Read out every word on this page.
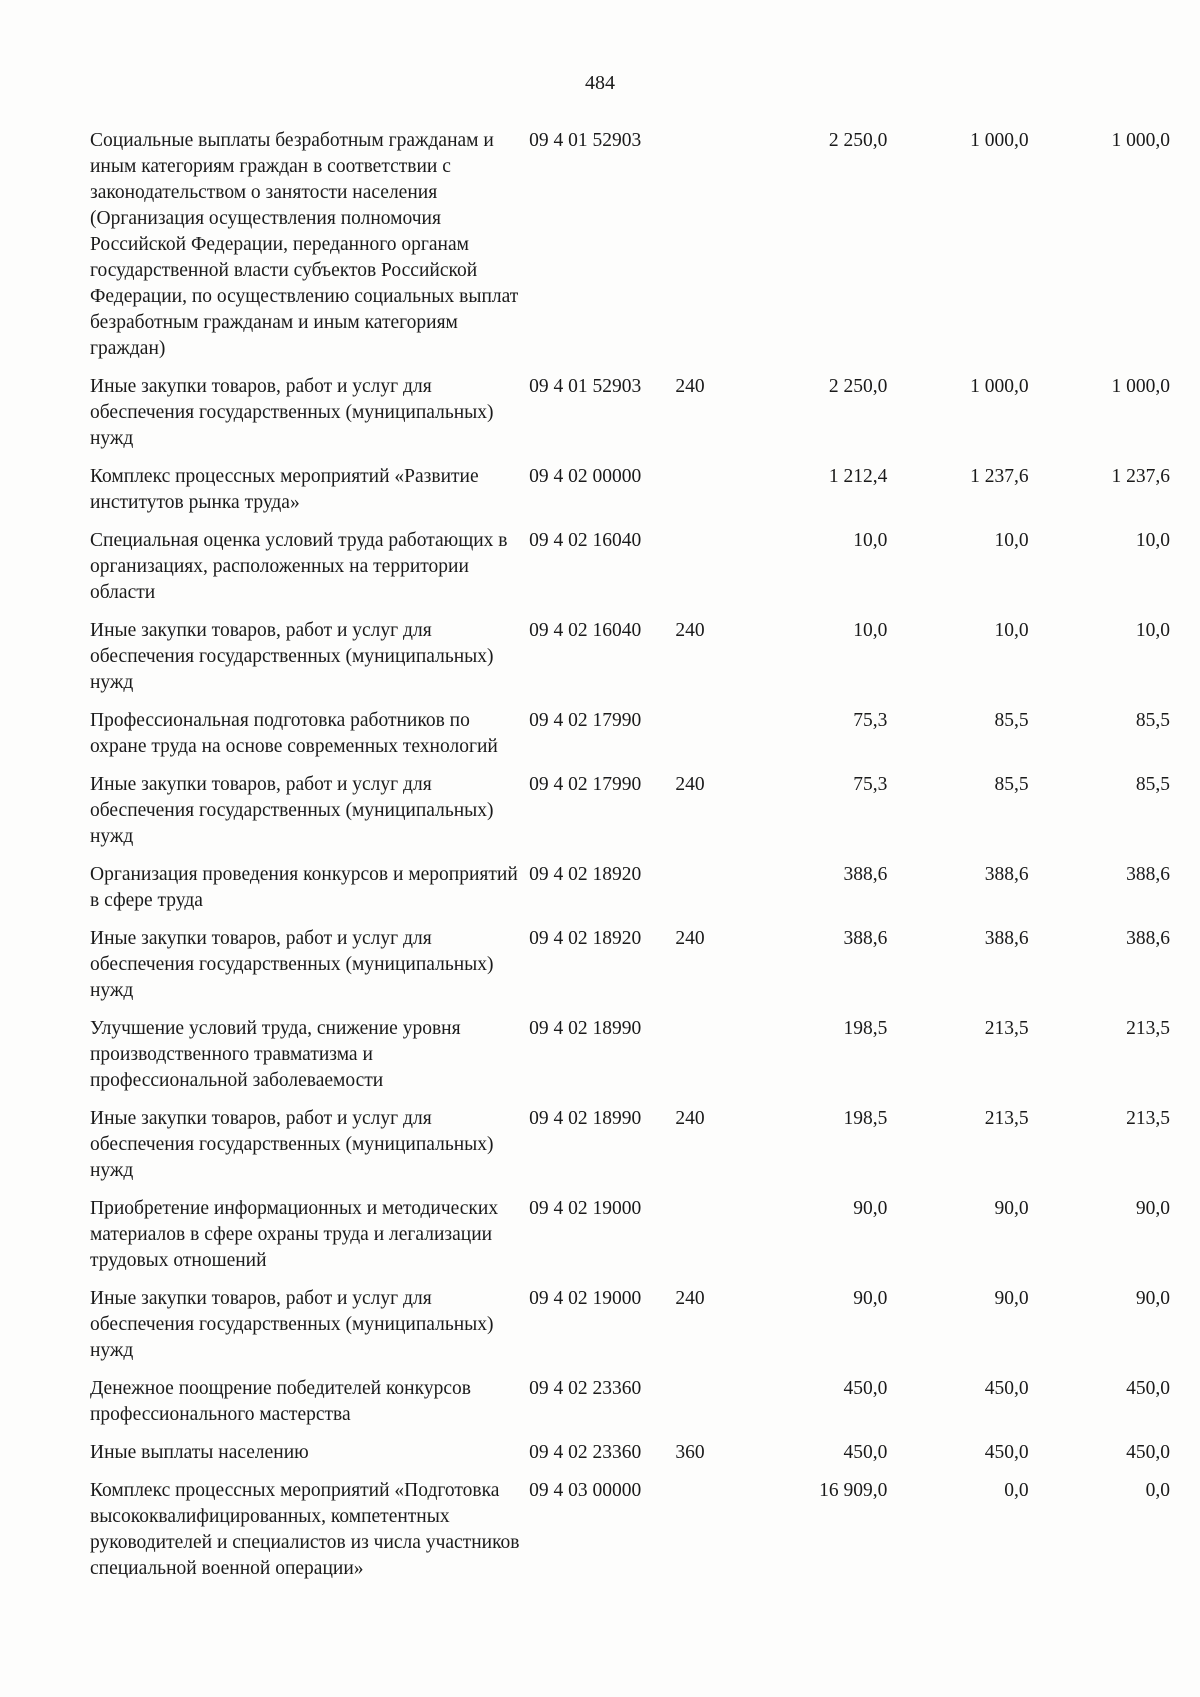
484
Социальные выплаты безработным гражданам и иным категориям граждан в соответствии с законодательством о занятости населения (Организация осуществления полномочия Российской Федерации, переданного органам государственной власти субъектов Российской Федерации, по осуществлению социальных выплат безработным гражданам и иным категориям граждан)	09 4 01 52903		2 250,0	1 000,0	1 000,0
Иные закупки товаров, работ и услуг для обеспечения государственных (муниципальных) нужд	09 4 01 52903	240	2 250,0	1 000,0	1 000,0
Комплекс процессных мероприятий «Развитие институтов рынка труда»	09 4 02 00000		1 212,4	1 237,6	1 237,6
Специальная оценка условий труда работающих в организациях, расположенных на территории области	09 4 02 16040		10,0	10,0	10,0
Иные закупки товаров, работ и услуг для обеспечения государственных (муниципальных) нужд	09 4 02 16040	240	10,0	10,0	10,0
Профессиональная подготовка работников по охране труда на основе современных технологий	09 4 02 17990		75,3	85,5	85,5
Иные закупки товаров, работ и услуг для обеспечения государственных (муниципальных) нужд	09 4 02 17990	240	75,3	85,5	85,5
Организация проведения конкурсов и мероприятий в сфере труда	09 4 02 18920		388,6	388,6	388,6
Иные закупки товаров, работ и услуг для обеспечения государственных (муниципальных) нужд	09 4 02 18920	240	388,6	388,6	388,6
Улучшение условий труда, снижение уровня производственного травматизма и профессиональной заболеваемости	09 4 02 18990		198,5	213,5	213,5
Иные закупки товаров, работ и услуг для обеспечения государственных (муниципальных) нужд	09 4 02 18990	240	198,5	213,5	213,5
Приобретение информационных и методических материалов в сфере охраны труда и легализации трудовых отношений	09 4 02 19000		90,0	90,0	90,0
Иные закупки товаров, работ и услуг для обеспечения государственных (муниципальных) нужд	09 4 02 19000	240	90,0	90,0	90,0
Денежное поощрение победителей конкурсов профессионального мастерства	09 4 02 23360		450,0	450,0	450,0
Иные выплаты населению	09 4 02 23360	360	450,0	450,0	450,0
Комплекс процессных мероприятий «Подготовка высококвалифицированных, компетентных руководителей и специалистов из числа участников специальной военной операции»	09 4 03 00000		16 909,0	0,0	0,0
